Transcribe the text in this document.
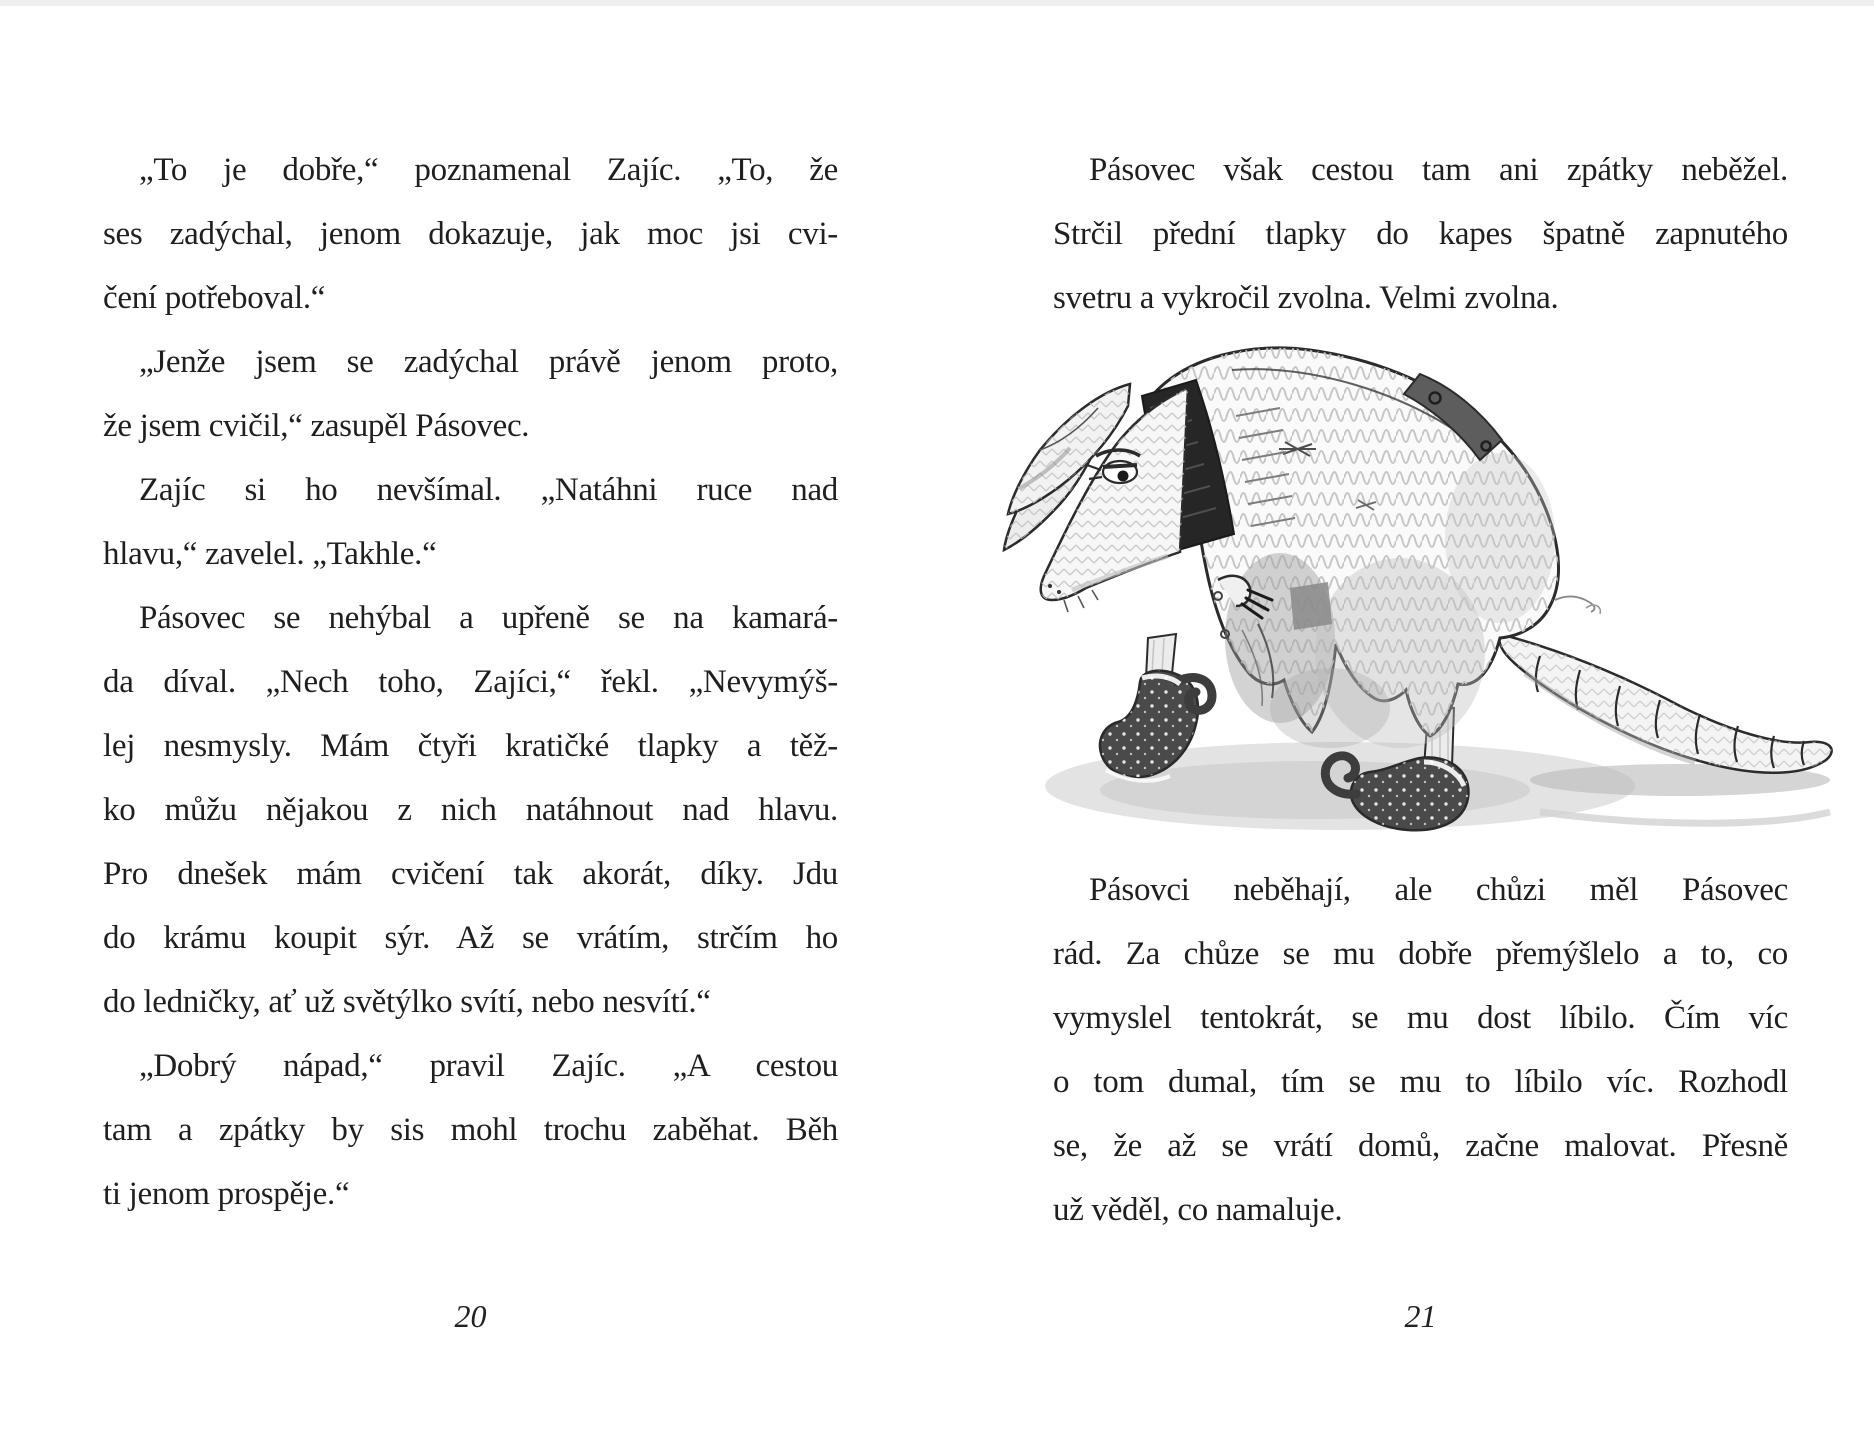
„To je dobře,“ poznamenal Zajíc. „To, že
ses zadýchal, jenom dokazuje, jak moc jsi cvi-
čení potřeboval.“
„Jenže jsem se zadýchal právě jenom proto,
že jsem cvičil,“ zasupěl Pásovec.
Zajíc si ho nevšímal. „Natáhni ruce nad
hlavu,“ zavelel. „Takhle.“
Pásovec se nehýbal a upřeně se na kamará-
da díval. „Nech toho, Zajíci,“ řekl. „Nevymýš-
lej nesmysly. Mám čtyři kratičké tlapky a těž-
ko můžu nějakou z nich natáhnout nad hlavu.
Pro dnešek mám cvičení tak akorát, díky. Jdu
do krámu koupit sýr. Až se vrátím, strčím ho
do ledničky, ať už světýlko svítí, nebo nesvítí.“
„Dobrý nápad,“ pravil Zajíc. „A cestou
tam a zpátky by sis mohl trochu zaběhat. Běh
ti jenom prospěje.“
20
Pásovec však cestou tam ani zpátky neběžel.
Strčil přední tlapky do kapes špatně zapnutého
svetru a vykročil zvolna. Velmi zvolna.
Pásovci neběhají, ale chůzi měl Pásovec
rád. Za chůze se mu dobře přemýšlelo a to, co
vymyslel tentokrát, se mu dost líbilo. Čím víc
o tom dumal, tím se mu to líbilo víc. Rozhodl
se, že až se vrátí domů, začne malovat. Přesně
už věděl, co namaluje.
21
